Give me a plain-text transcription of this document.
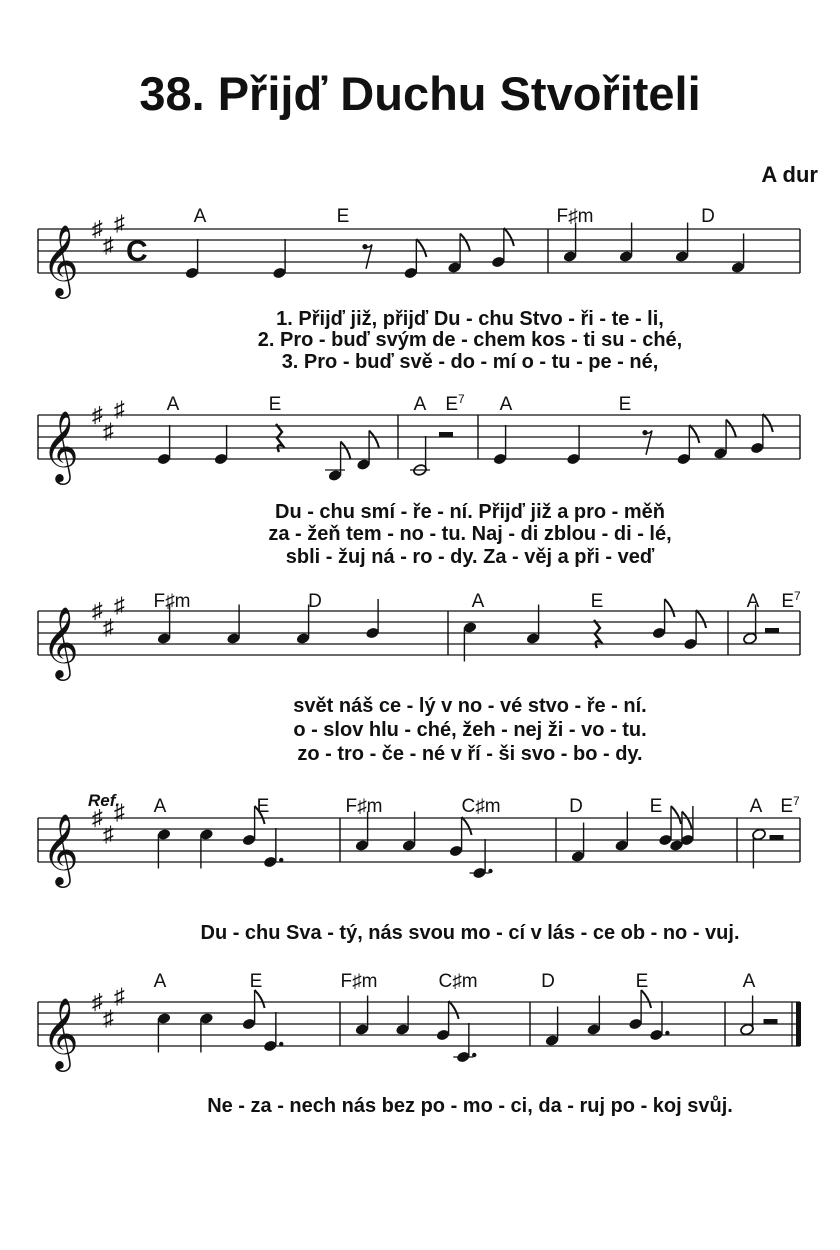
38. Přijď Duchu Stvořiteli
A dur
𝄞 ♯
♯
♯
C
A	E	F♯m	D
1. Přijď již, přijď Du - chu Stvo - ři - te - li,
2. Pro - buď svým de - chem kos - ti su - ché,
3. Pro - buď svě - do - mí o - tu - pe - né,
𝄞 ♯
♯
♯ A	E	A $E^7$ A	E
Du - chu smí - ře - ní. Přijď již a pro - měň
za - žeň tem - no - tu. Naj - di zblou - di - lé,
sbli - žuj ná - ro - dy. Za - věj a při - veď
𝄞 ♯
♯
♯ F♯m	D	A	E	A $E^7$
svět náš ce - lý v no - vé stvo - ře - ní.
o - slov hlu - ché, žeh - nej ži - vo - tu.
zo - tro - če - né v ří - ši svo - bo - dy.
𝄞 ♯
♯
♯
Ref. A	E	F♯m	C♯m	D	E	A $E^7$
Du - chu Sva - tý, nás svou mo - cí v lás - ce ob - no - vuj.
𝄞 ♯
♯
♯
A	E	F♯m	C♯m	D	E	A
Ne - za - nech nás bez po - mo - ci, da - ruj po - koj svůj.
